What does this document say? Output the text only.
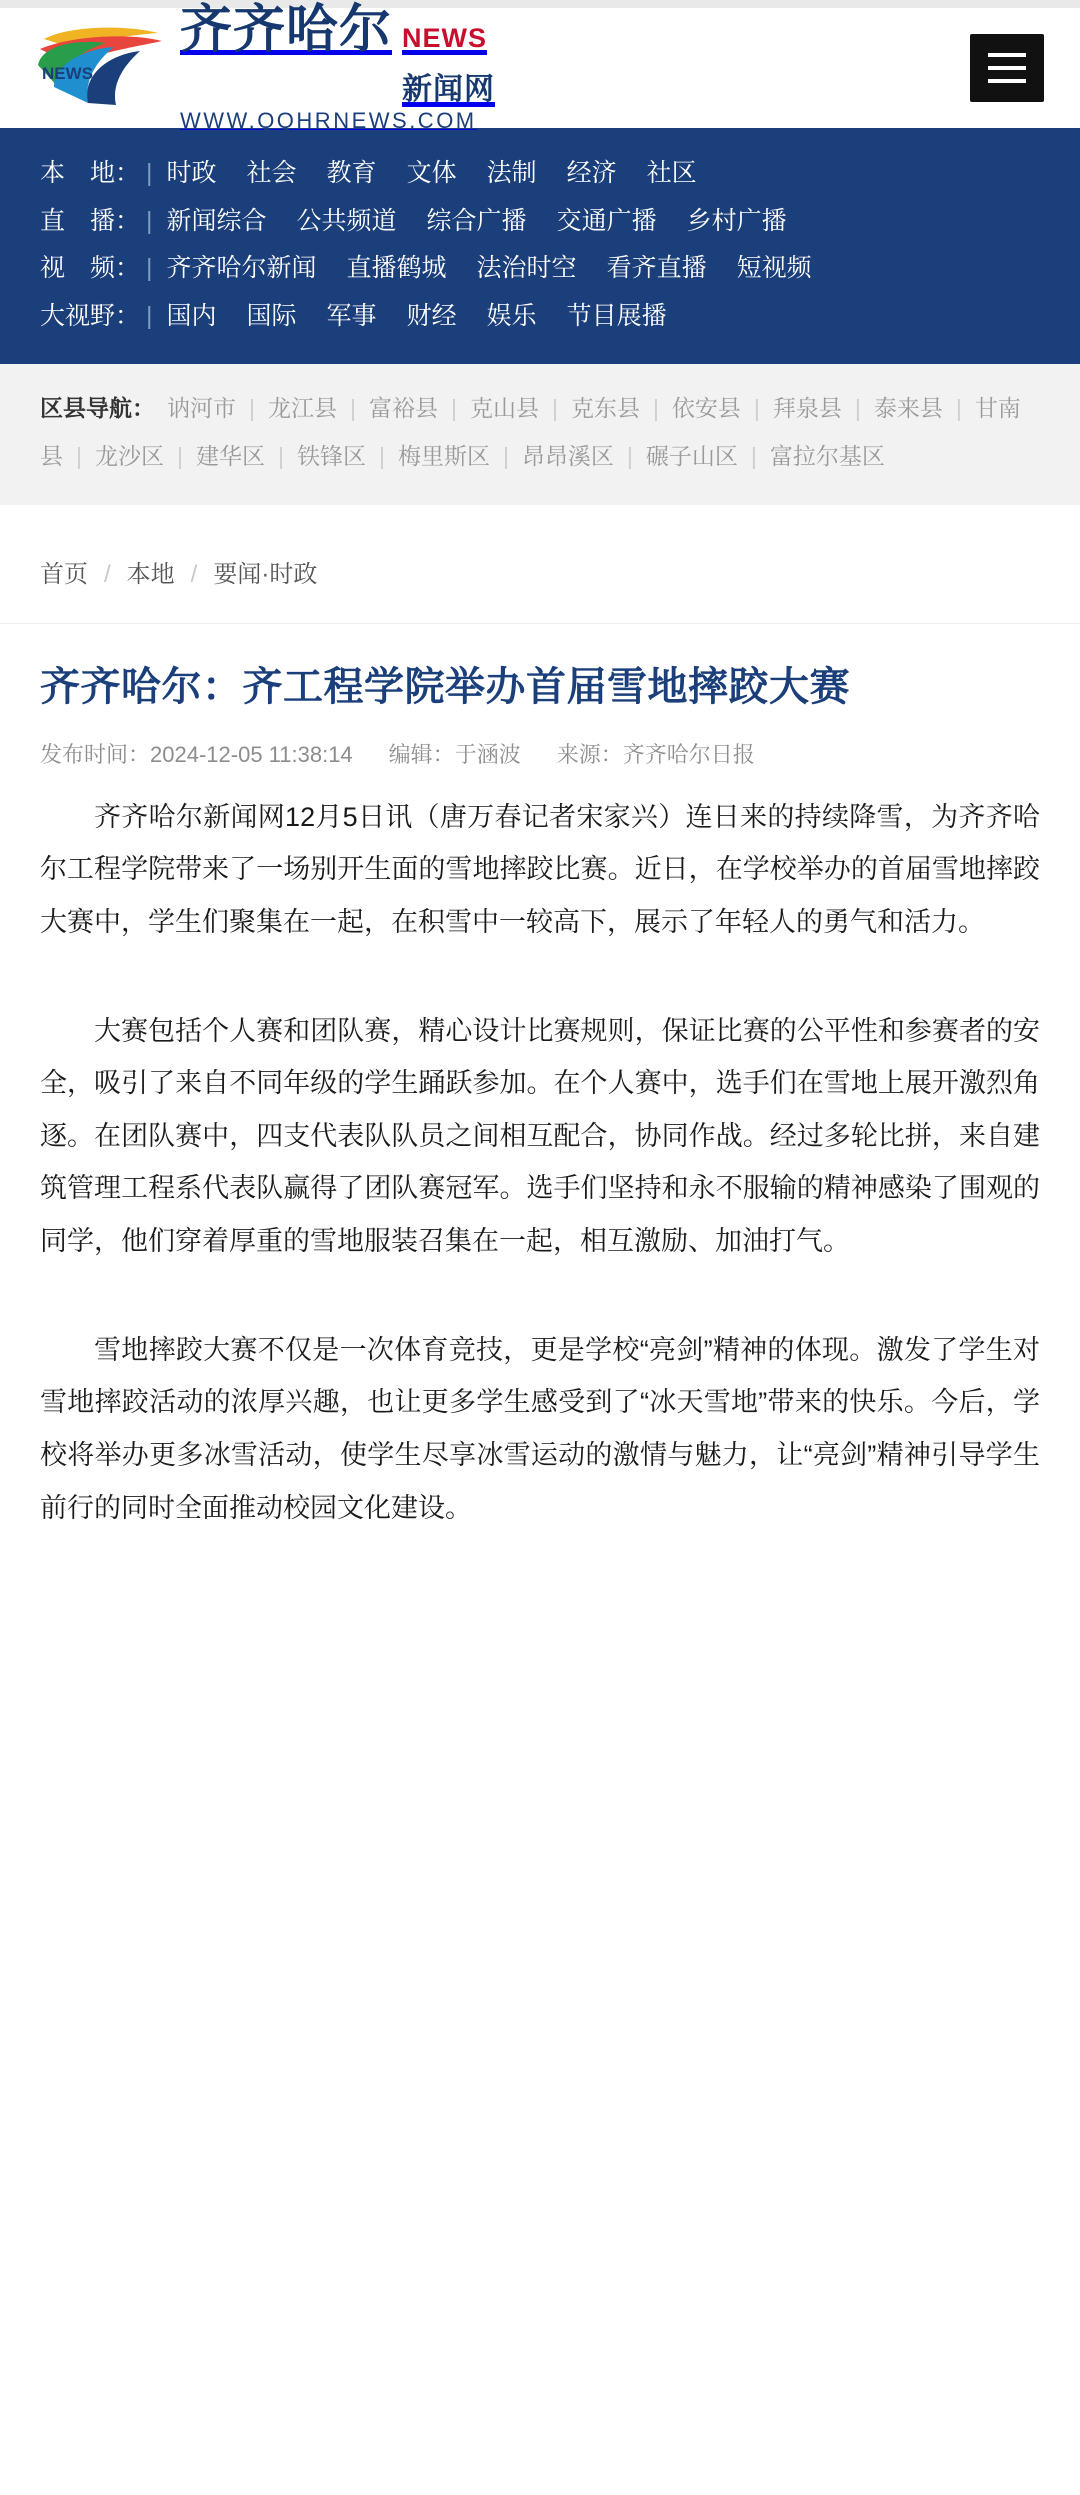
NEWS
齐齐哈尔 NEWS
新闻网
WWW.QQHRNEWS.COM
本　地： | 时政 社会 教育 文体 法制 经济 社区
直　播： | 新闻综合 公共频道 综合广播 交通广播 乡村广播
视　频： | 齐齐哈尔新闻 直播鹤城 法治时空 看齐直播 短视频
大视野： | 国内 国际 军事 财经 娱乐 节目展播
区县导航： 讷河市 | 龙江县 | 富裕县 | 克山县 | 克东县 | 依安县 | 拜泉县 | 泰来县 | 甘南县 | 龙沙区 | 建华区 | 铁锋区 | 梅里斯区 | 昂昂溪区 | 碾子山区 | 富拉尔基区
首页 / 本地 / 要闻·时政
齐齐哈尔：齐工程学院举办首届雪地摔跤大赛
发布时间：2024-12-05 11:38:14 编辑：于涵波 来源：齐齐哈尔日报

齐齐哈尔新闻网12月5日讯（唐万春记者宋家兴）连日来的持续降雪，为齐齐哈尔工程学院带来了一场别开生面的雪地摔跤比赛。近日，在学校举办的首届雪地摔跤大赛中，学生们聚集在一起，在积雪中一较高下，展示了年轻人的勇气和活力。

大赛包括个人赛和团队赛，精心设计比赛规则，保证比赛的公平性和参赛者的安全，吸引了来自不同年级的学生踊跃参加。在个人赛中，选手们在雪地上展开激烈角逐。在团队赛中，四支代表队队员之间相互配合，协同作战。经过多轮比拼，来自建筑管理工程系代表队赢得了团队赛冠军。选手们坚持和永不服输的精神感染了围观的同学，他们穿着厚重的雪地服装召集在一起，相互激励、加油打气。

雪地摔跤大赛不仅是一次体育竞技，更是学校“亮剑”精神的体现。激发了学生对雪地摔跤活动的浓厚兴趣，也让更多学生感受到了“冰天雪地”带来的快乐。今后，学校将举办更多冰雪活动，使学生尽享冰雪运动的激情与魅力，让“亮剑”精神引导学生前行的同时全面推动校园文化建设。
